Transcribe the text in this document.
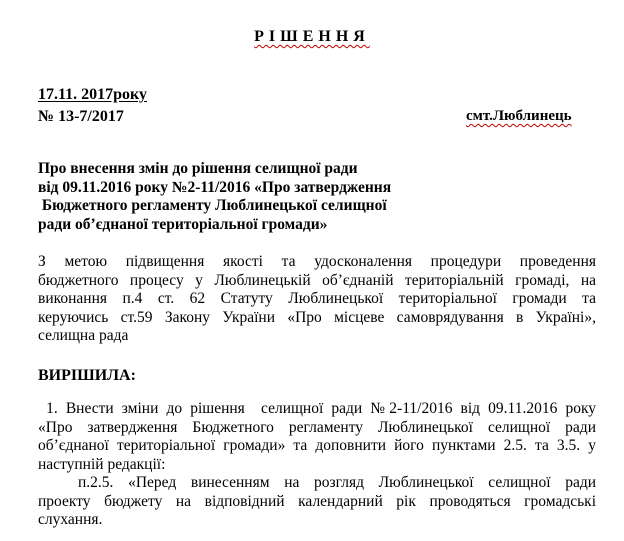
РІШЕННЯ
17.11. 2017року
№ 13-7/2017	смт.Люблинець
Про внесення змін до рішення селищної ради
від 09.11.2016 року №2-11/2016 «Про затвердження
Бюджетного регламенту Люблинецької селищної
ради об’єднаної територіальної громади»
З метою підвищення якості та удосконалення процедури проведення
бюджетного процесу у Люблинецькій об’єднаній територіальній громаді, на
виконання п.4 ст. 62 Статуту Люблинецької територіальної громади та
керуючись ст.59 Закону України «Про місцеве самоврядування в Україні»,
селищна рада
ВИРІШИЛА:
1. Внести зміни до рішення  селищної ради №2-11/2016 від 09.11.2016 року
«Про затвердження Бюджетного регламенту Люблинецької селищної ради
об’єднаної територіальної громади» та доповнити його пунктами 2.5. та 3.5. у
наступній редакції:
п.2.5. «Перед винесенням на розгляд Люблинецької селищної ради
проекту бюджету на відповідний календарний рік проводяться громадські
слухання.
